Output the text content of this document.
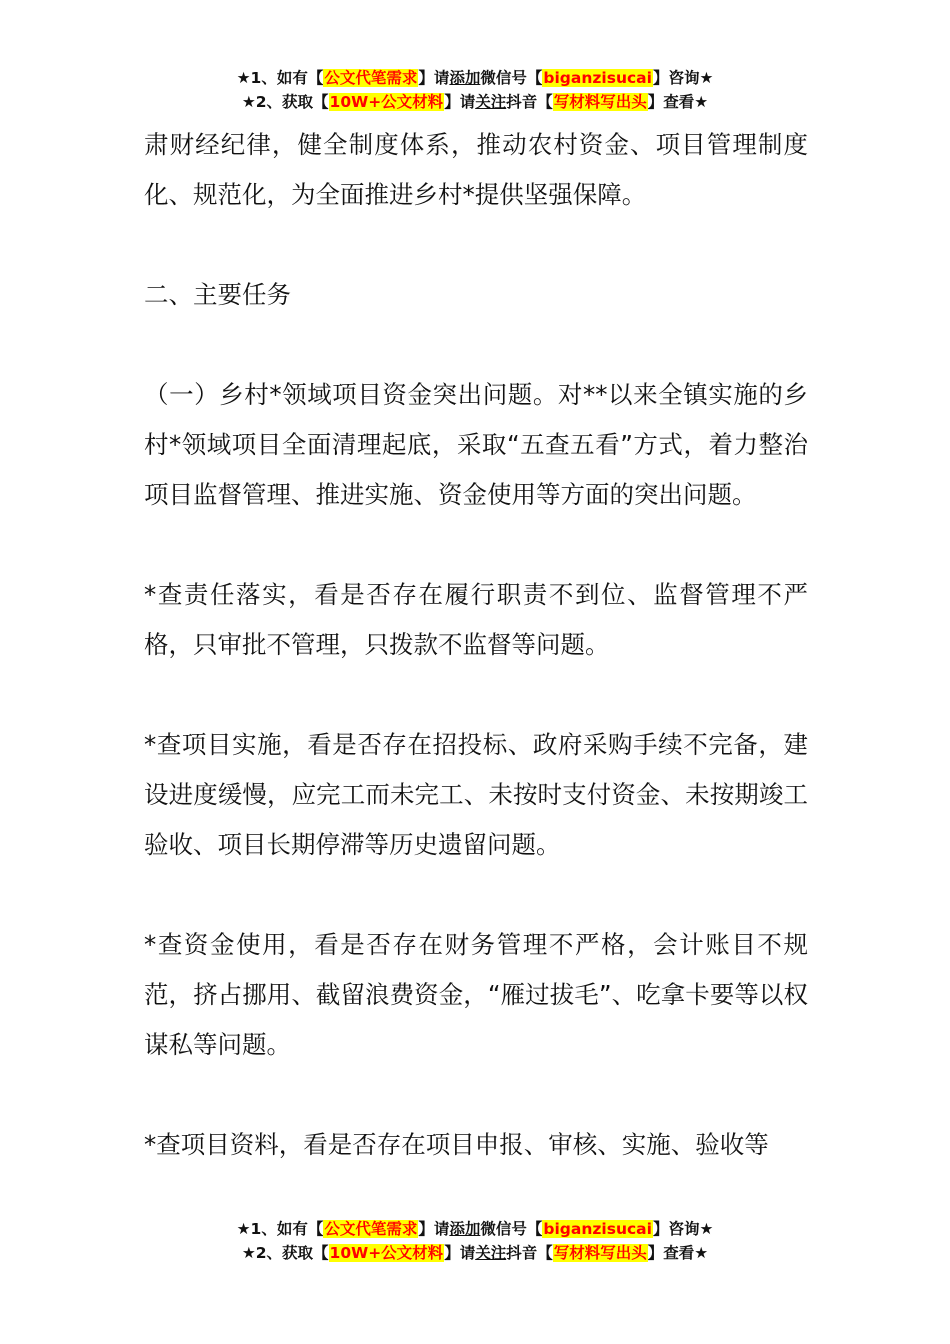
★1、如有【公文代笔需求】请添加微信号【biganzisucai】咨询★
★2、获取【10W+公文材料】请关注抖音【写材料写出头】查看★

肃财经纪律，健全制度体系，推动农村资金、项目管理制度化、规范化，为全面推进乡村*提供坚强保障。

二、主要任务

（一）乡村*领域项目资金突出问题。对**以来全镇实施的乡村*领域项目全面清理起底，采取“五查五看”方式，着力整治项目监督管理、推进实施、资金使用等方面的突出问题。

*查责任落实，看是否存在履行职责不到位、监督管理不严格，只审批不管理，只拨款不监督等问题。

*查项目实施，看是否存在招投标、政府采购手续不完备，建设进度缓慢，应完工而未完工、未按时支付资金、未按期竣工验收、项目长期停滞等历史遗留问题。

*查资金使用，看是否存在财务管理不严格，会计账目不规范，挤占挪用、截留浪费资金，“雁过拔毛”、吃拿卡要等以权谋私等问题。

*查项目资料，看是否存在项目申报、审核、实施、验收等

★1、如有【公文代笔需求】请添加微信号【biganzisucai】咨询★
★2、获取【10W+公文材料】请关注抖音【写材料写出头】查看★
